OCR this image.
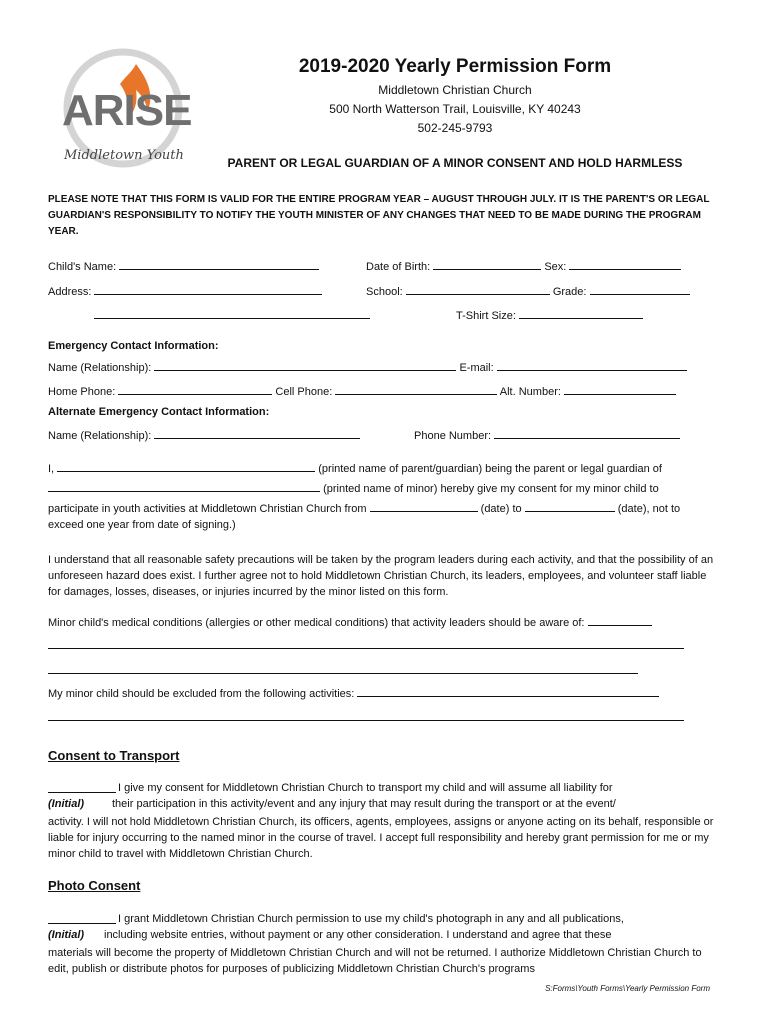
ARISE
Middletown Youth
2019-2020 Yearly Permission Form
Middletown Christian Church
500 North Watterson Trail, Louisville, KY 40243
502-245-9793
PARENT OR LEGAL GUARDIAN OF A MINOR CONSENT AND HOLD HARMLESS
PLEASE NOTE THAT THIS FORM IS VALID FOR THE ENTIRE PROGRAM YEAR – AUGUST THROUGH JULY. IT IS THE PARENT'S OR LEGAL GUARDIAN'S RESPONSIBILITY TO NOTIFY THE YOUTH MINISTER OF ANY CHANGES THAT NEED TO BE MADE DURING THE PROGRAM YEAR.
Child's Name:	Date of Birth:	Sex:
Address:	School:	Grade:
T-Shirt Size:
Emergency Contact Information:
Name (Relationship):	E-mail:
Home Phone:	Cell Phone:	Alt. Number:
Alternate Emergency Contact Information:
Name (Relationship):	Phone Number:
I,	(printed name of parent/guardian) being the parent or legal guardian of
(printed name of minor) hereby give my consent for my minor child to
participate in youth activities at Middletown Christian Church from	(date) to	(date), not to
exceed one year from date of signing.)
I understand that all reasonable safety precautions will be taken by the program leaders during each activity, and that the possibility of an unforeseen hazard does exist. I further agree not to hold Middletown Christian Church, its leaders, employees, and volunteer staff liable for damages, losses, diseases, or injuries incurred by the minor listed on this form.
Minor child's medical conditions (allergies or other medical conditions) that activity leaders should be aware of:
My minor child should be excluded from the following activities:
Consent to Transport
I give my consent for Middletown Christian Church to transport my child and will assume all liability for
(Initial)	their participation in this activity/event and any injury that may result during the transport or at the event/
activity. I will not hold Middletown Christian Church, its officers, agents, employees, assigns or anyone acting on its behalf, responsible or liable for injury occurring to the named minor in the course of travel. I accept full responsibility and hereby grant permission for me or my minor child to travel with Middletown Christian Church.
Photo Consent
I grant Middletown Christian Church permission to use my child's photograph in any and all publications,
(Initial) including website entries, without payment or any other consideration. I understand and agree that these
materials will become the property of Middletown Christian Church and will not be returned. I authorize Middletown Christian Church to edit, publish or distribute photos for purposes of publicizing Middletown Christian Church's programs
S:Forms\Youth Forms\Yearly Permission Form
